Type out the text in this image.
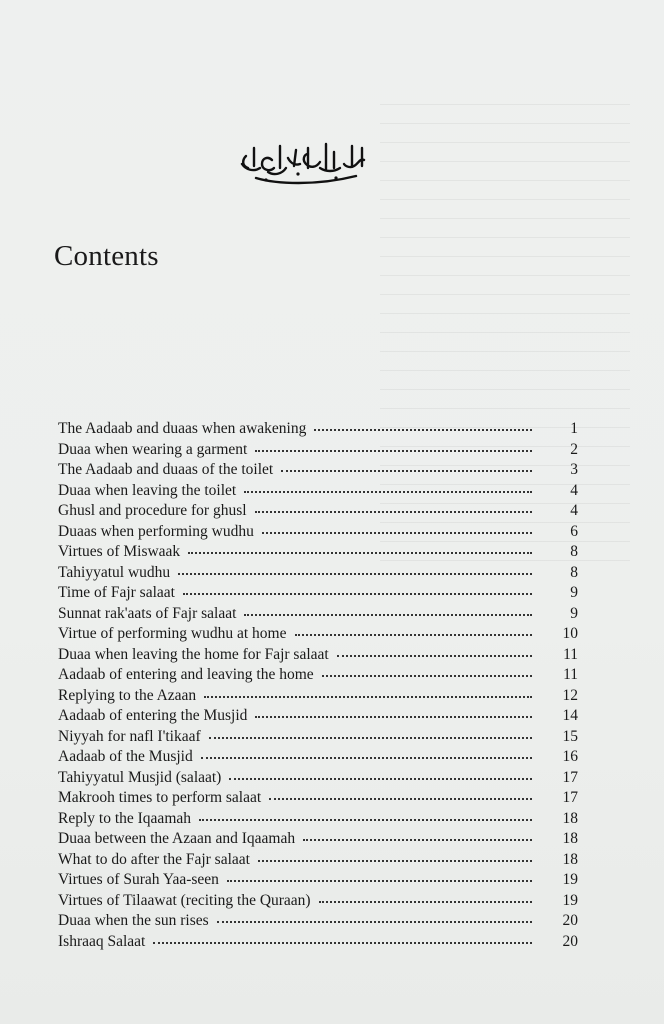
Contents
The Aadaab and duaas when awakening	1
Duaa when wearing a garment	2
The Aadaab and duaas of the toilet	3
Duaa when leaving the toilet	4
Ghusl and procedure for ghusl	4
Duaas when performing wudhu	6
Virtues of Miswaak	8
Tahiyyatul wudhu	8
Time of Fajr salaat	9
Sunnat rak'aats of Fajr salaat	9
Virtue of performing wudhu at home	10
Duaa when leaving the home for Fajr salaat	11
Aadaab of entering and leaving the home	11
Replying to the Azaan	12
Aadaab of entering the Musjid	14
Niyyah for nafl I'tikaaf	15
Aadaab of the Musjid	16
Tahiyyatul Musjid (salaat)	17
Makrooh times to perform salaat	17
Reply to the Iqaamah	18
Duaa between the Azaan and Iqaamah	18
What to do after the Fajr salaat	18
Virtues of Surah Yaa-seen	19
Virtues of Tilaawat (reciting the Quraan)	19
Duaa when the sun rises	20
Ishraaq Salaat	20
